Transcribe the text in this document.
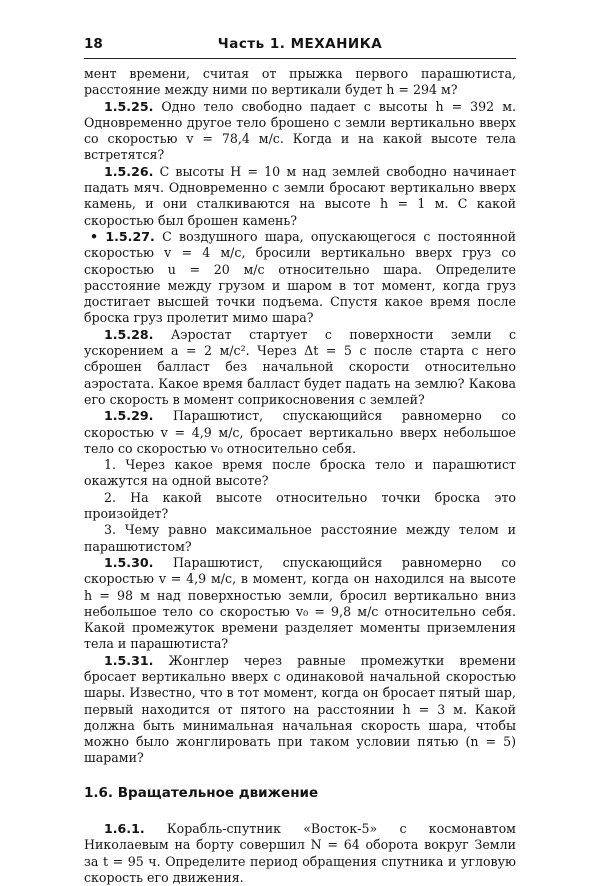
18	Часть 1. МЕХАНИКА

мент времени, считая от прыжка первого парашютиста, расстояние между ними по вертикали будет h = 294 м?

1.5.25. Одно тело свободно падает с высоты h = 392 м. Одновременно другое тело брошено с земли вертикально вверх со скоростью v = 78,4 м/с. Когда и на какой высоте тела встретятся?

1.5.26. С высоты H = 10 м над землей свободно начинает падать мяч. Одновременно с земли бросают вертикально вверх камень, и они сталкиваются на высоте h = 1 м. С какой скоростью был брошен камень?

• 1.5.27. С воздушного шара, опускающегося с постоянной скоростью v = 4 м/с, бросили вертикально вверх груз со скоростью u = 20 м/с относительно шара. Определите расстояние между грузом и шаром в тот момент, когда груз достигает высшей точки подъема. Спустя какое время после броска груз пролетит мимо шара?

1.5.28. Аэростат стартует с поверхности земли с ускорением a = 2 м/с². Через Δt = 5 с после старта с него сброшен балласт без начальной скорости относительно аэростата. Какое время балласт будет падать на землю? Какова его скорость в момент соприкосновения с землей?

1.5.29. Парашютист, спускающийся равномерно со скоростью v = 4,9 м/с, бросает вертикально вверх небольшое тело со скоростью v₀ относительно себя.

1. Через какое время после броска тело и парашютист окажутся на одной высоте?

2. На какой высоте относительно точки броска это произойдет?

3. Чему равно максимальное расстояние между телом и парашютистом?

1.5.30. Парашютист, спускающийся равномерно со скоростью v = 4,9 м/с, в момент, когда он находился на высоте h = 98 м над поверхностью земли, бросил вертикально вниз небольшое тело со скоростью v₀ = 9,8 м/с относительно себя. Какой промежуток времени разделяет моменты приземления тела и парашютиста?

1.5.31. Жонглер через равные промежутки времени бросает вертикально вверх с одинаковой начальной скоростью шары. Известно, что в тот момент, когда он бросает пятый шар, первый находится от пятого на расстоянии h = 3 м. Какой должна быть минимальная начальная скорость шара, чтобы можно было жонглировать при таком условии пятью (n = 5) шарами?

1.6. Вращательное движение

1.6.1. Корабль-спутник «Восток-5» с космонавтом Николаевым на борту совершил N = 64 оборота вокруг Земли за t = 95 ч. Определите период обращения спутника и угловую скорость его движения.
